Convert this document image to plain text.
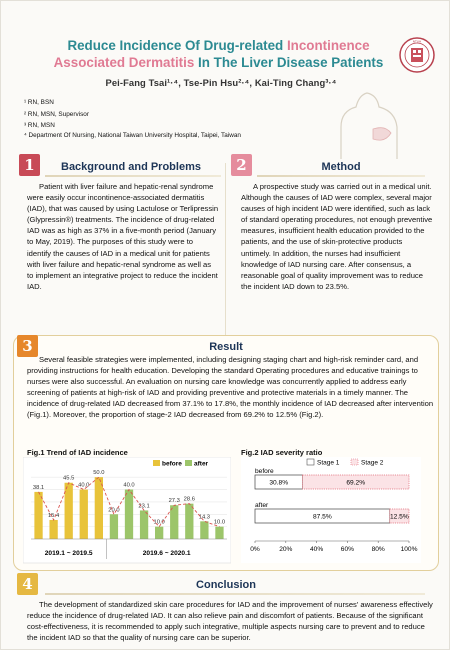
Reduce Incidence Of Drug-related Incontinence
Associated Dermatitis In The Liver Disease Patients
NTUH
Pei-Fang Tsai¹·⁴, Tse-Pin Hsu²·⁴, Kai-Ting Chang³·⁴
¹ RN, BSN
² RN, MSN, Supervisor
³ RN, MSN
⁴ Department Of Nursing, National Taiwan University Hospital, Taipei, Taiwan
1	Background and Problems
Patient with liver failure and hepatic-renal syndrome were easily occur incontinence-associated dermatitis (IAD), that was caused by using Lactulose or Terlipressin (Glypressin®) treatments. The incidence of drug-related IAD was as high as 37% in a five-month period (January to May, 2019). The purposes of this study were to identify the causes of IAD in a medical unit for patients with liver failure and hepatic-renal syndrome as well as to implement an integrative project to reduce the incident IAD.
2	Method
A prospective study was carried out in a medical unit. Although the causes of IAD were complex, several major causes of high incident IAD were identified, such as lack of standard operating procedures, not enough preventive measures, insufficient health education provided to the patients, and the use of skin-protective products untimely. In addition, the nurses had insufficient knowledge of IAD nursing care. After consensus, a reasonable goal of quality improvement was to reduce the incident IAD down to 23.5%.
3	Result
Several feasible strategies were implemented, including designing staging chart and high-risk reminder card, and providing instructions for health education. Developing the standard Operating procedures and educative trainings to nurses were also successful. An evaluation on nursing care knowledge was concurrently applied to address early screening of patients at high-risk of IAD and providing preventive and protective materials in a timely manner. The incidence of drug-related IAD decreased from 37.1% to 17.8%, the monthly incidence of IAD decreased after intervention (Fig.1). Moreover, the proportion of stage-2 IAD decreased from 69.2% to 12.5% (Fig.2).
Fig.1 Trend of IAD incidence	Fig.2 IAD severity ratio
before after
38.1
15.4
45.5
40.0
50.0
20.0
40.0
23.1
10.0
27.3 28.6
14.3
10.0
2019.1 ~ 2019.5	2019.6 ~ 2020.1
Stage 1	Stage 2
before
30.8%	69.2%
after
87.5%	12.5%
0%	20%	40%	60%	80% 100%
4	Conclusion
The development of standardized skin care procedures for IAD and the improvement of nurses' awareness effectively reduce the incidence of drug-related IAD. It can also relieve pain and discomfort of patients. Because of the significant cost-effectiveness, it is recommended to apply such integrative, multiple aspects nursing care to prevent and to reduce the incident IAD so that the quality of nursing care can be superior.
